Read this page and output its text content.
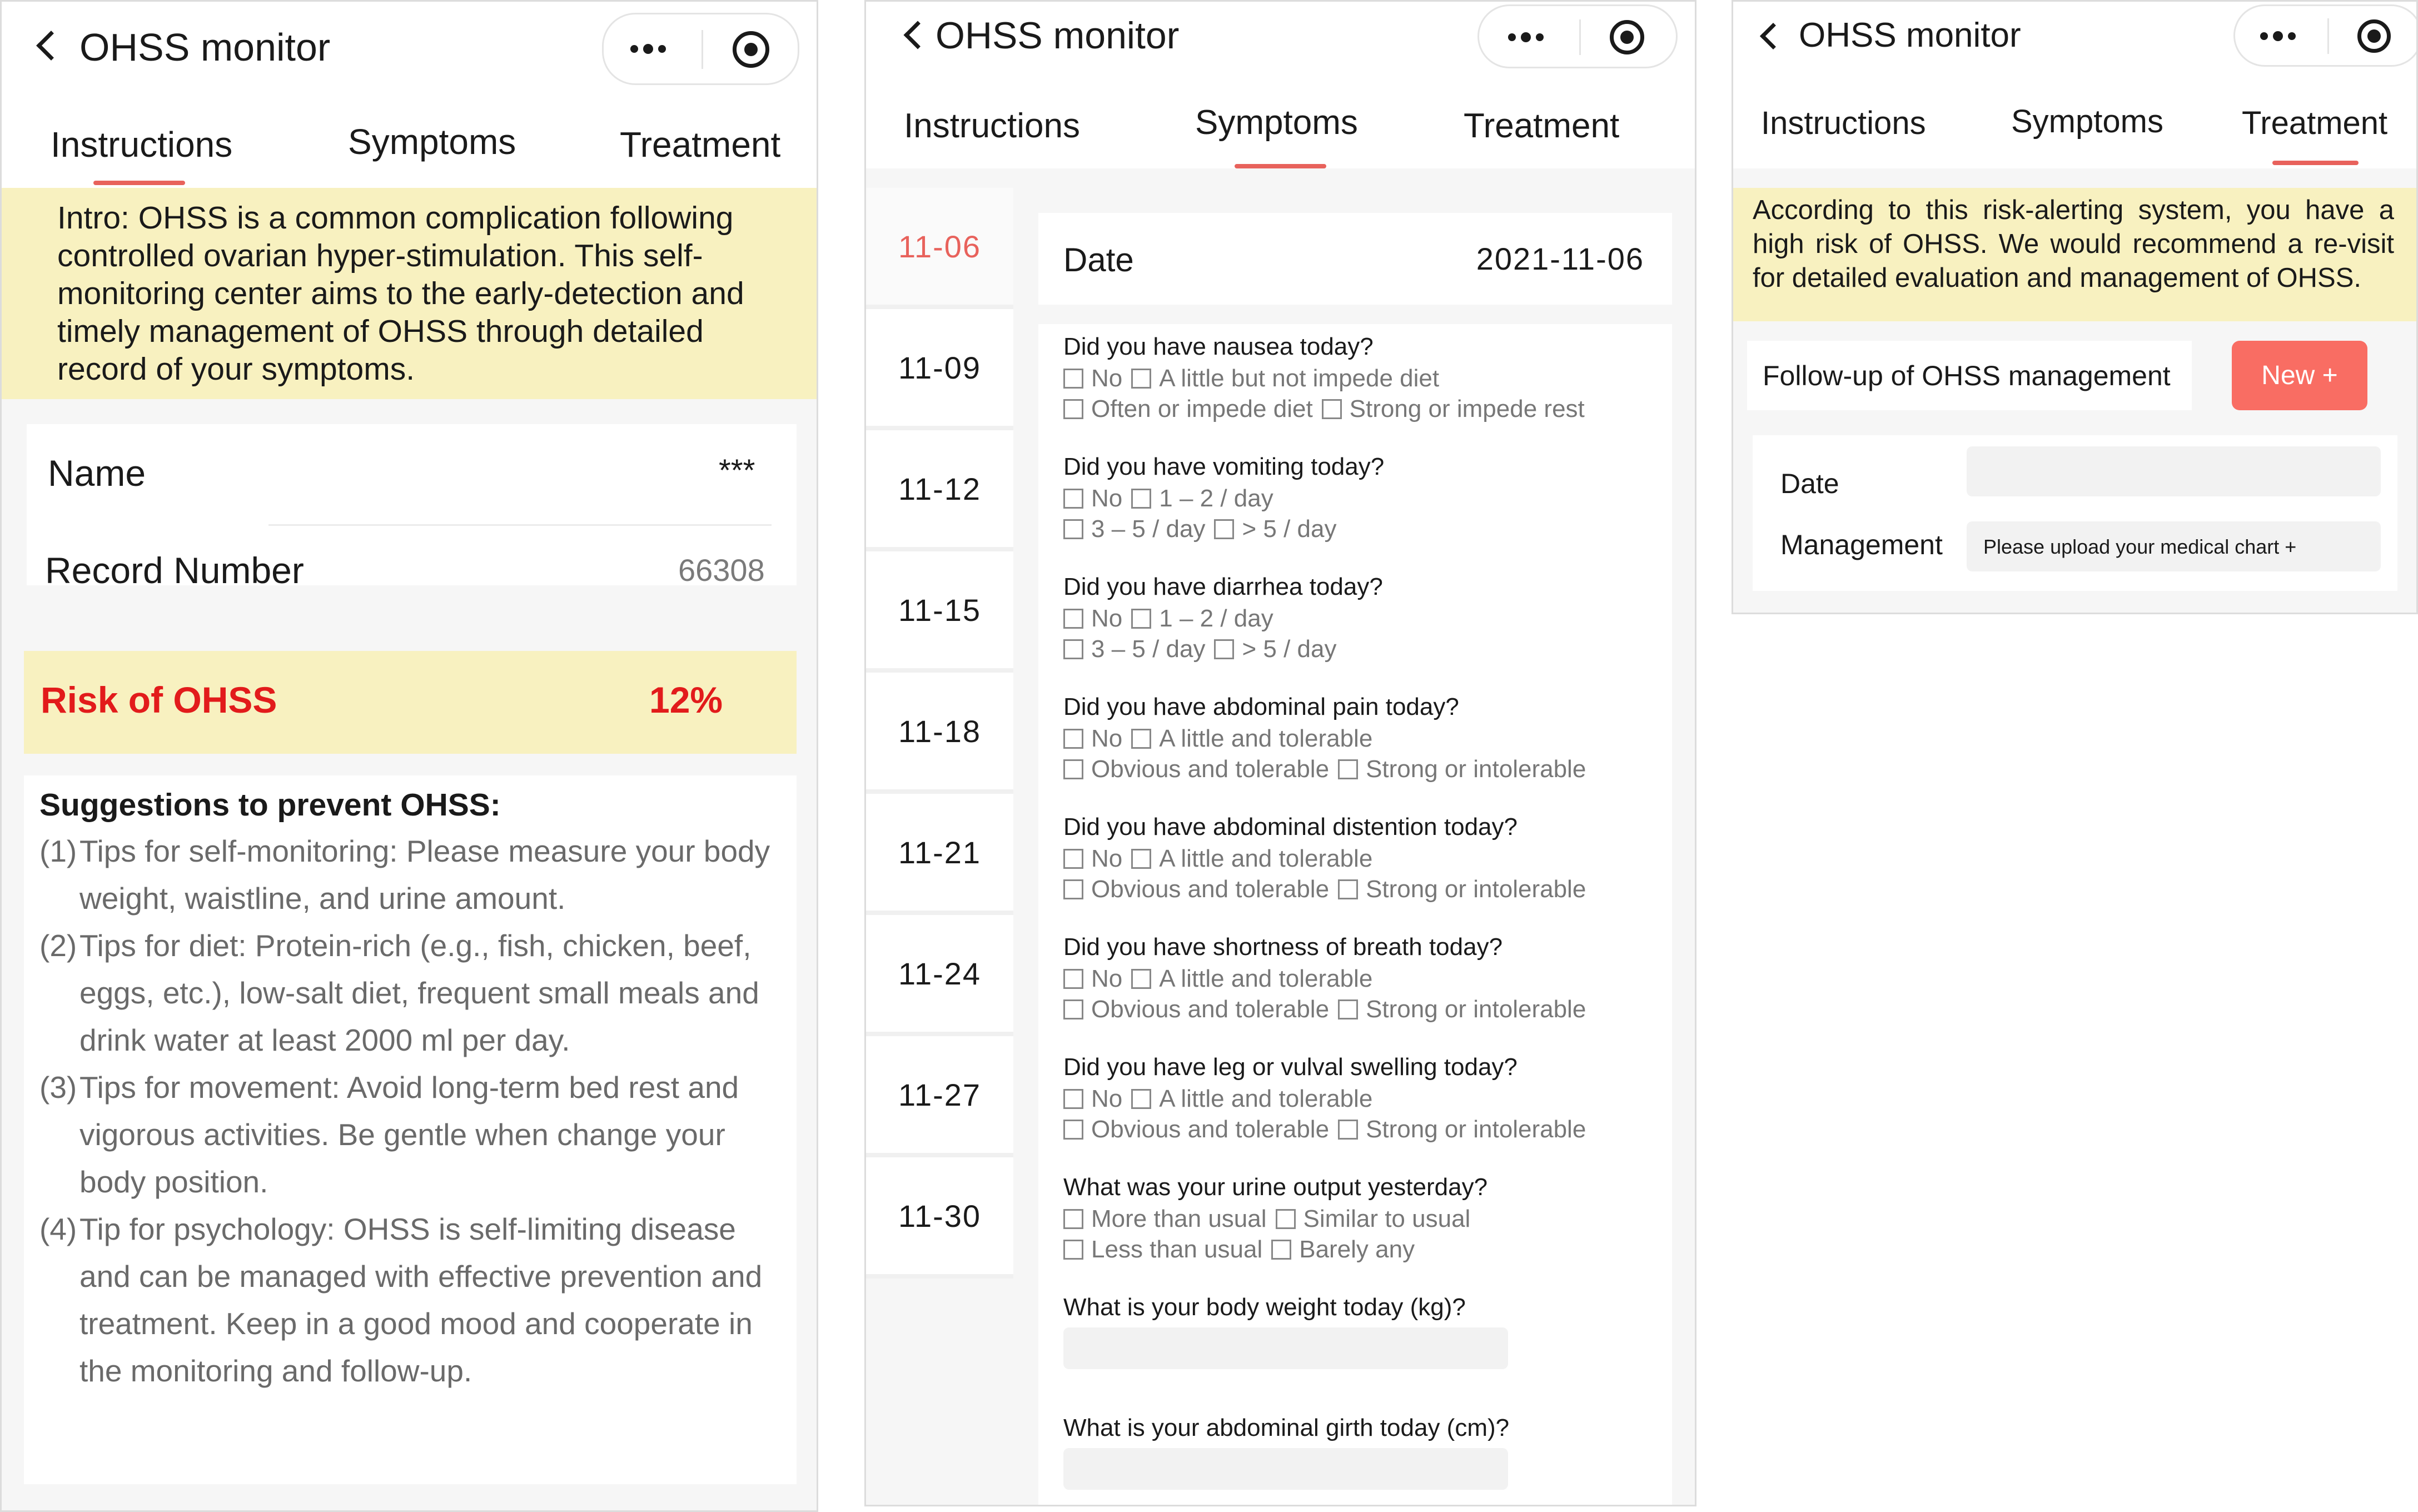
OHSS monitor
Instructions	Symptoms	Treatment
Intro: OHSS is a common complication following controlled ovarian hyper-stimulation. This self-monitoring center aims to the early-detection and timely management of OHSS through detailed record of your symptoms.
Name	***
Record Number	66308
Risk of OHSS	12%
Suggestions to prevent OHSS:
(1) Tips for self-monitoring: Please measure your body weight, waistline, and urine amount.
(2) Tips for diet: Protein-rich (e.g., fish, chicken, beef, eggs, etc.), low-salt diet, frequent small meals and drink water at least 2000 ml per day.
(3) Tips for movement: Avoid long-term bed rest and vigorous activities. Be gentle when change your body position.
(4) Tip for psychology: OHSS is self-limiting disease and can be managed with effective prevention and treatment. Keep in a good mood and cooperate in the monitoring and follow-up.
OHSS monitor
Instructions	Symptoms	Treatment
11-06
11-09
11-12
11-15
11-18
11-21
11-24
11-27
11-30
Date	2021-11-06
Did you have nausea today?
No A little but not impede diet
Often or impede diet Strong or impede rest
Did you have vomiting today?
No 1 – 2 / day
3 – 5 / day > 5 / day
Did you have diarrhea today?
No 1 – 2 / day
3 – 5 / day > 5 / day
Did you have abdominal pain today?
No A little and tolerable
Obvious and tolerable Strong or intolerable
Did you have abdominal distention today?
No A little and tolerable
Obvious and tolerable Strong or intolerable
Did you have shortness of breath today?
No A little and tolerable
Obvious and tolerable Strong or intolerable
Did you have leg or vulval swelling today?
No A little and tolerable
Obvious and tolerable Strong or intolerable
What was your urine output yesterday?
More than usual Similar to usual
Less than usual Barely any
What is your body weight today (kg)?
What is your abdominal girth today (cm)?
OHSS monitor
Instructions	Symptoms Treatment
According to this risk-alerting system, you have a high risk of OHSS. We would recommend a re-visit for detailed evaluation and management of OHSS.
Follow-up of OHSS management	New +
Date
Management Please upload your medical chart +
